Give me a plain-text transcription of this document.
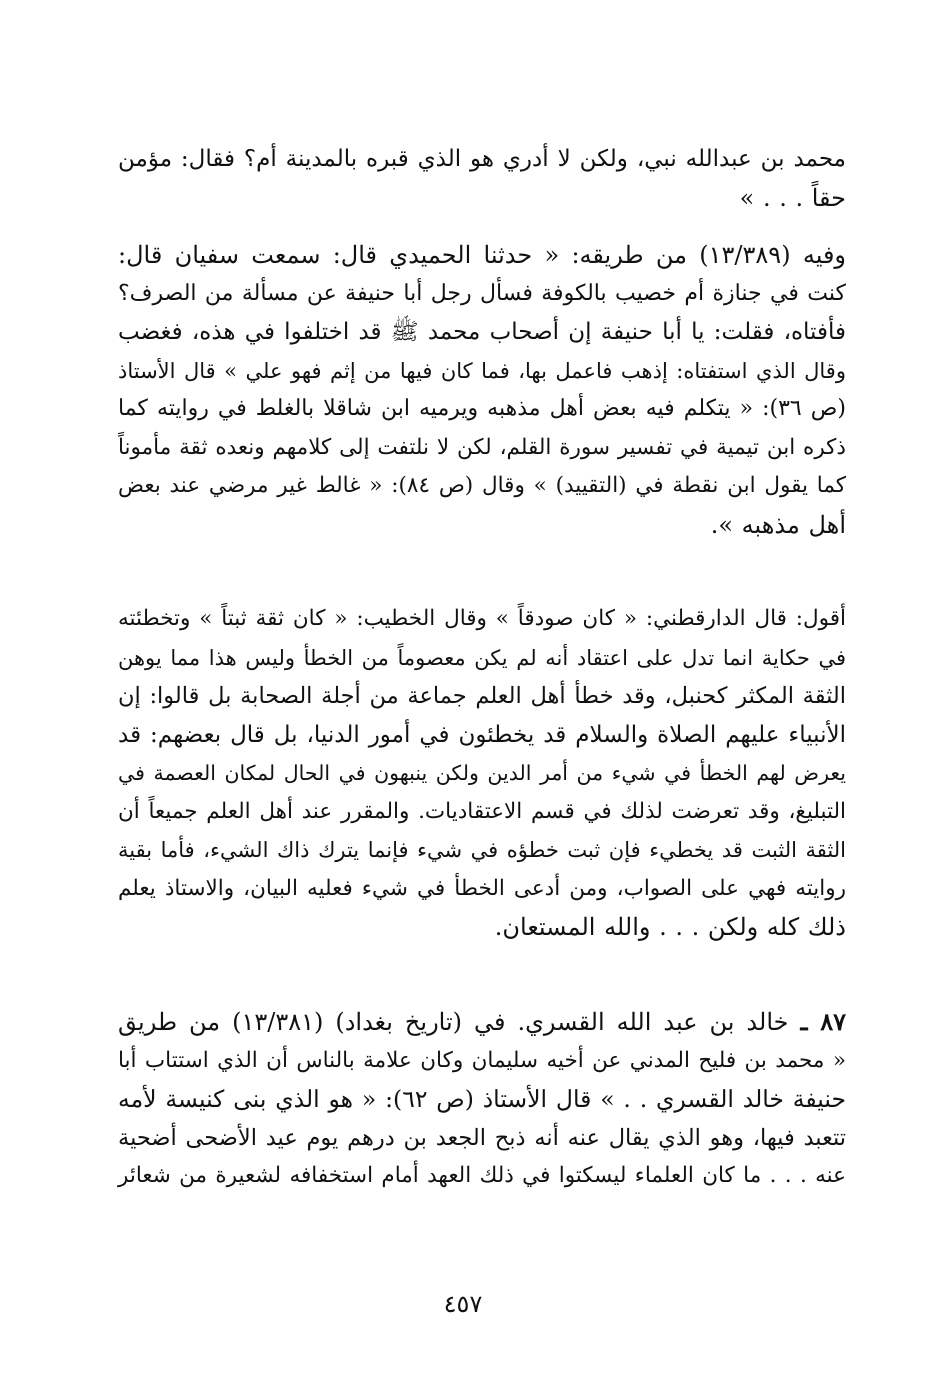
محمد بن عبدالله نبي، ولكن لا أدري هو الذي قبره بالمدينة أم؟ فقال: مؤمن
حقاً . . . »
وفيه (١٣/٣٨٩) من طريقه: « حدثنا الحميدي قال: سمعت سفيان قال:
كنت في جنازة أم خصيب بالكوفة فسأل رجل أبا حنيفة عن مسألة من الصرف؟
فأفتاه، فقلت: يا أبا حنيفة إن أصحاب محمد ﷺ قد اختلفوا في هذه، فغضب
وقال الذي استفتاه: إذهب فاعمل بها، فما كان فيها من إثم فهو علي » قال الأستاذ
(ص ٣٦): « يتكلم فيه بعض أهل مذهبه ويرميه ابن شاقلا بالغلط في روايته كما
ذكره ابن تيمية في تفسير سورة القلم، لكن لا نلتفت إلى كلامهم ونعده ثقة مأموناً
كما يقول ابن نقطة في (التقييد) » وقال (ص ٨٤): « غالط غير مرضي عند بعض
أهل مذهبه ».
أقول: قال الدارقطني: « كان صودقاً » وقال الخطيب: « كان ثقة ثبتاً » وتخطئته
في حكاية انما تدل على اعتقاد أنه لم يكن معصوماً من الخطأ وليس هذا مما يوهن
الثقة المكثر كحنبل، وقد خطأ أهل العلم جماعة من أجلة الصحابة بل قالوا: إن
الأنبياء عليهم الصلاة والسلام قد يخطئون في أمور الدنيا، بل قال بعضهم: قد
يعرض لهم الخطأ في شيء من أمر الدين ولكن ينبهون في الحال لمكان العصمة في
التبليغ، وقد تعرضت لذلك في قسم الاعتقاديات. والمقرر عند أهل العلم جميعاً أن
الثقة الثبت قد يخطيء فإن ثبت خطؤه في شيء فإنما يترك ذاك الشيء، فأما بقية
روايته فهي على الصواب، ومن أدعى الخطأ في شيء فعليه البيان، والاستاذ يعلم
ذلك كله ولكن . . . والله المستعان.
٨٧ ـ خالد بن عبد الله القسري. في (تاريخ بغداد) (١٣/٣٨١) من طريق
« محمد بن فليح المدني عن أخيه سليمان وكان علامة بالناس أن الذي استتاب أبا
حنيفة خالد القسري . . » قال الأستاذ (ص ٦٢): « هو الذي بنى كنيسة لأمه
تتعبد فيها، وهو الذي يقال عنه أنه ذبح الجعد بن درهم يوم عيد الأضحى أضحية
عنه . . . ما كان العلماء ليسكتوا في ذلك العهد أمام استخفافه لشعيرة من شعائر
٤٥٧
